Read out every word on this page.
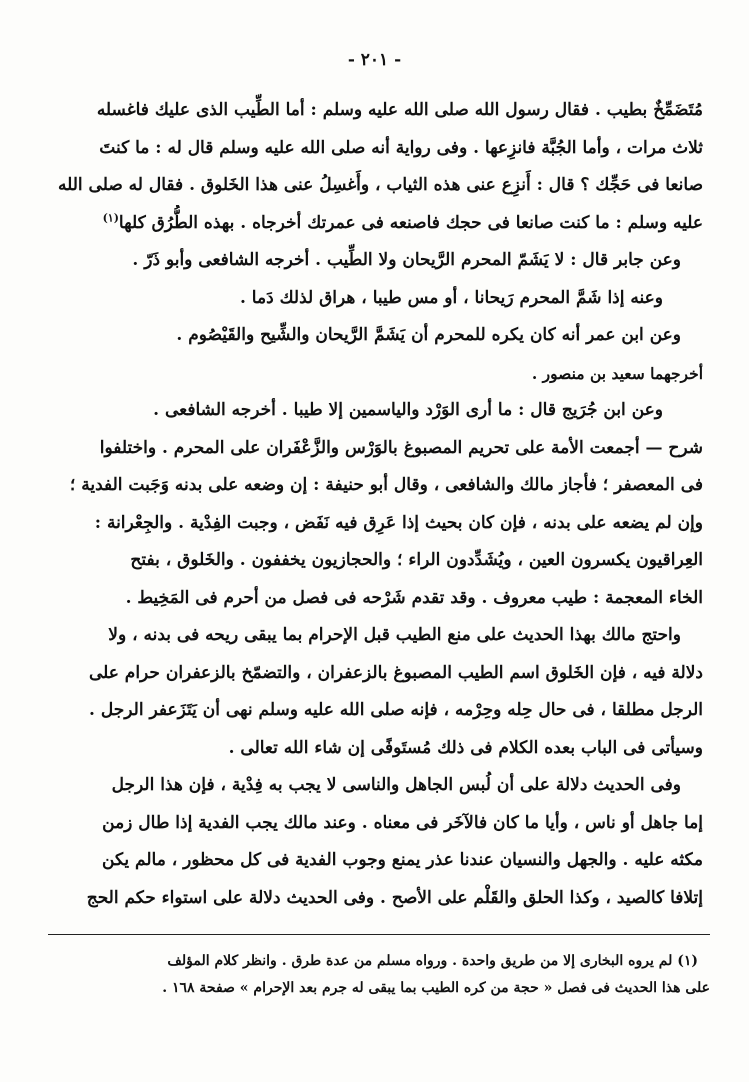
- ٢٠١ -
مُتَضَمِّخٌ بطيب . فقال رسول الله صلى الله عليه وسلم : أما الطِّيب الذى عليك فاغسله
ثلاث مرات ، وأما الجُبَّة فانزِعها . وفى رواية أنه صلى الله عليه وسلم قال له : ما كنتَ
صانعا فى حَجِّك ؟ قال : أَنزِع عنى هذه الثياب ، وأَغسِلُ عنى هذا الخَلوق . فقال له صلى الله
عليه وسلم : ما كنت صانعا فى حجك فاصنعه فى عمرتك أخرجاه . بهذه الطُّرُق كلها$^{(١)}$
وعن جابر قال : لا يَشَمّ المحرم الرَّيحان ولا الطِّيب . أخرجه الشافعى وأبو ذَرّ .
وعنه إذا شَمَّ المحرم رَيحانا ، أو مس طيبا ، هراق لذلك دَما .
وعن ابن عمر أنه كان يكره للمحرم أن يَشَمَّ الرَّيحان والشِّيح والقَيْصُوم .
أخرجهما سعيد بن منصور .
وعن ابن جُرَيج قال : ما أرى الوَرْد والياسمين إلا طيبا . أخرجه الشافعى .
شرح — أجمعت الأمة على تحريم المصبوغ بالوَرْس والزَّعْفَران على المحرم . واختلفوا
فى المعصفر ؛ فأجاز مالك والشافعى ، وقال أبو حنيفة : إن وضعه على بدنه وَجَبت الفدية ؛
وإن لم يضعه على بدنه ، فإن كان بحيث إذا عَرِق فيه نَفَض ، وجبت الفِدْية . والجِعْرانة :
العِراقيون يكسرون العين ، ويُشَدِّدون الراء ؛ والحجازيون يخففون . والخَلوق ، بفتح
الخاء المعجمة : طيب معروف . وقد تقدم شَرْحه فى فصل من أحرم فى المَخِيط .
واحتج مالك بهذا الحديث على منع الطيب قبل الإحرام بما يبقى ريحه فى بدنه ، ولا
دلالة فيه ، فإن الخَلوق اسم الطيب المصبوغ بالزعفران ، والتضمّخ بالزعفران حرام على
الرجل مطلقا ، فى حال حِله وحِرْمه ، فإنه صلى الله عليه وسلم نهى أن يَتَزَعفر الرجل .
وسيأتى فى الباب بعده الكلام فى ذلك مُستَوفًى إن شاء الله تعالى .
وفى الحديث دلالة على أن لُبس الجاهل والناسى لا يجب به فِدْية ، فإن هذا الرجل
إما جاهل أو ناس ، وأيا ما كان فالآخَر فى معناه . وعند مالك يجب الفدية إذا طال زمن
مكثه عليه . والجهل والنسيان عندنا عذر يمنع وجوب الفدية فى كل محظور ، مالم يكن
إتلافا كالصيد ، وكذا الحلق والقَلْم على الأصح . وفى الحديث دلالة على استواء حكم الحج
(١) لم يروه البخارى إلا من طريق واحدة . ورواه مسلم من عدة طرق . وانظر كلام المؤلف
على هذا الحديث فى فصل « حجة من كره الطيب بما يبقى له جرم بعد الإحرام » صفحة ١٦٨ .
